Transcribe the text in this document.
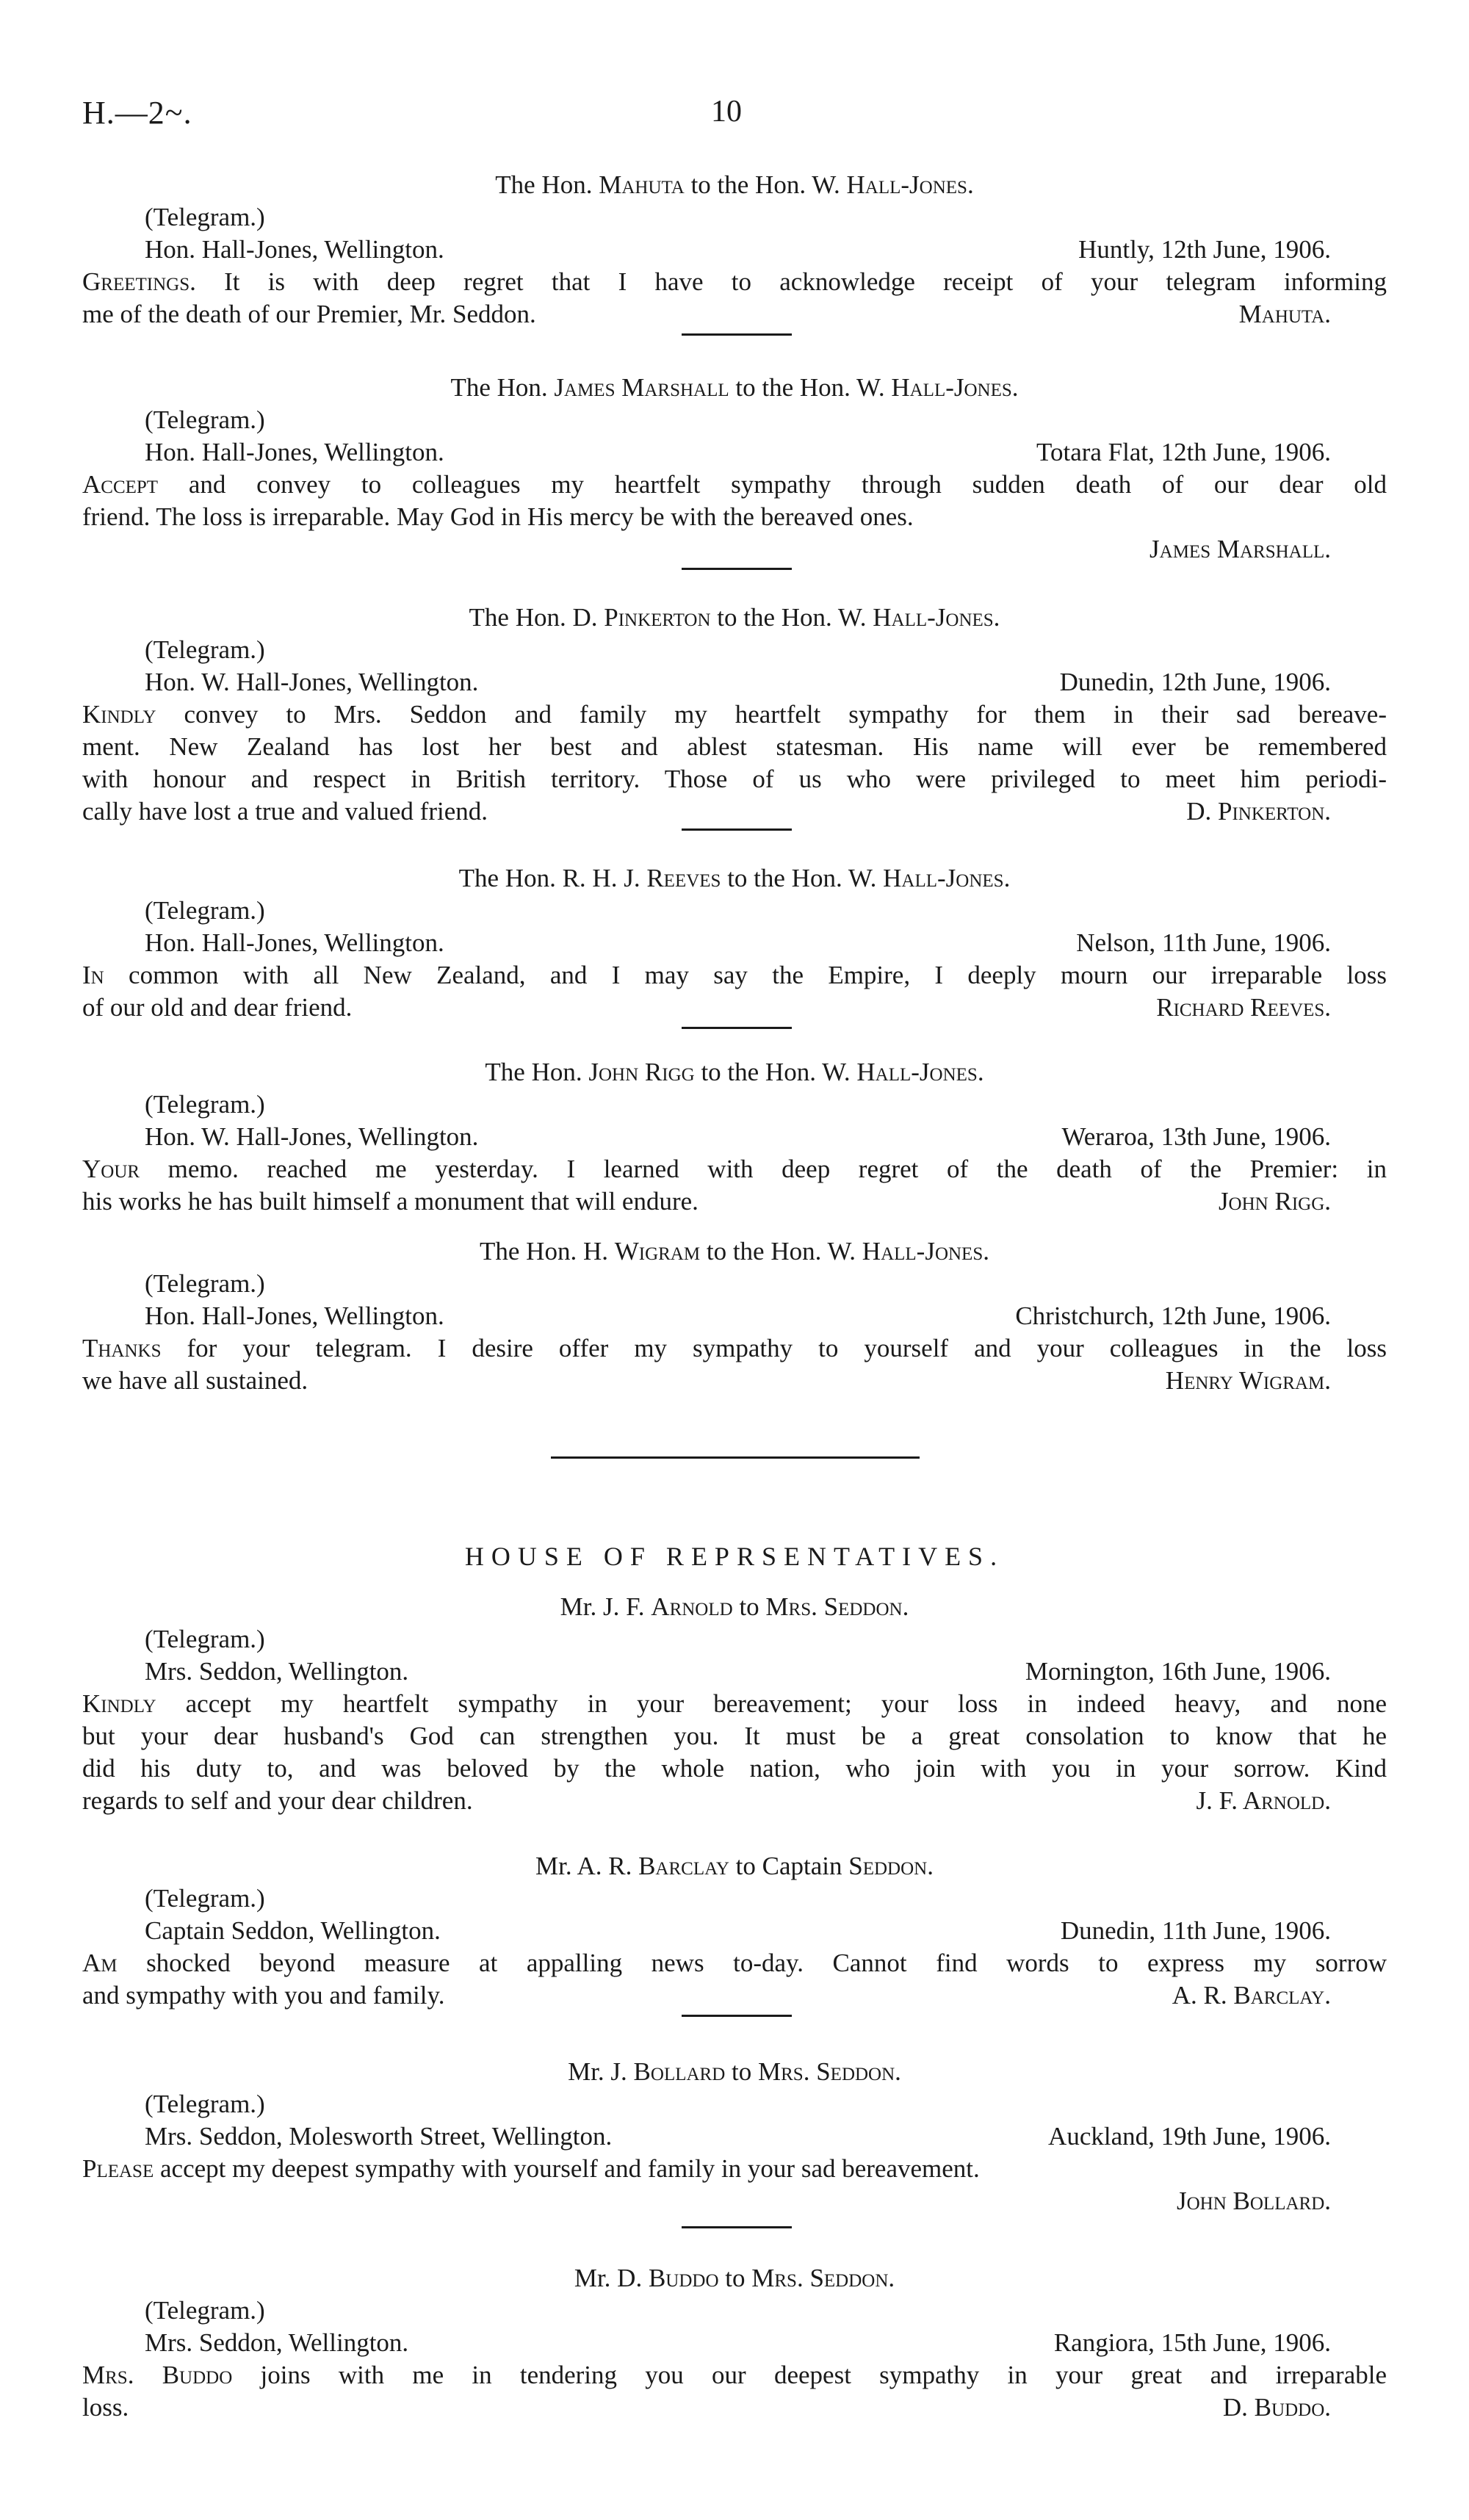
H.—2~.	10
The Hon. Mahuta to the Hon. W. Hall-Jones.
(Telegram.)
Hon. Hall-Jones, Wellington.	Huntly, 12th June, 1906.
Greetings. It is with deep regret that I have to acknowledge receipt of your telegram informing
me of the death of our Premier, Mr. Seddon.	Mahuta.
The Hon. James Marshall to the Hon. W. Hall-Jones.
(Telegram.)
Hon. Hall-Jones, Wellington.	Totara Flat, 12th June, 1906.
Accept and convey to colleagues my heartfelt sympathy through sudden death of our dear old
friend. The loss is irreparable. May God in His mercy be with the bereaved ones.
James Marshall.
The Hon. D. Pinkerton to the Hon. W. Hall-Jones.
(Telegram.)
Hon. W. Hall-Jones, Wellington.	Dunedin, 12th June, 1906.
Kindly convey to Mrs. Seddon and family my heartfelt sympathy for them in their sad bereave-
ment. New Zealand has lost her best and ablest statesman. His name will ever be remembered
with honour and respect in British territory. Those of us who were privileged to meet him periodi-
cally have lost a true and valued friend.	D. Pinkerton.
The Hon. R. H. J. Reeves to the Hon. W. Hall-Jones.
(Telegram.)
Hon. Hall-Jones, Wellington.	Nelson, 11th June, 1906.
In common with all New Zealand, and I may say the Empire, I deeply mourn our irreparable loss
of our old and dear friend.	Richard Reeves.
The Hon. John Rigg to the Hon. W. Hall-Jones.
(Telegram.)
Hon. W. Hall-Jones, Wellington.	Weraroa, 13th June, 1906.
Your memo. reached me yesterday. I learned with deep regret of the death of the Premier: in
his works he has built himself a monument that will endure.	John Rigg.
The Hon. H. Wigram to the Hon. W. Hall-Jones.
(Telegram.)
Hon. Hall-Jones, Wellington.	Christchurch, 12th June, 1906.
Thanks for your telegram. I desire offer my sympathy to yourself and your colleagues in the loss
we have all sustained.	Henry Wigram.
HOUSE OF REPRSENTATIVES.
Mr. J. F. Arnold to Mrs. Seddon.
(Telegram.)
Mrs. Seddon, Wellington.	Mornington, 16th June, 1906.
Kindly accept my heartfelt sympathy in your bereavement; your loss in indeed heavy, and none
but your dear husband's God can strengthen you. It must be a great consolation to know that he
did his duty to, and was beloved by the whole nation, who join with you in your sorrow. Kind
regards to self and your dear children.	J. F. Arnold.
Mr. A. R. Barclay to Captain Seddon.
(Telegram.)
Captain Seddon, Wellington.	Dunedin, 11th June, 1906.
Am shocked beyond measure at appalling news to-day. Cannot find words to express my sorrow
and sympathy with you and family.	A. R. Barclay.
Mr. J. Bollard to Mrs. Seddon.
(Telegram.)
Mrs. Seddon, Molesworth Street, Wellington.	Auckland, 19th June, 1906.
Please accept my deepest sympathy with yourself and family in your sad bereavement.
John Bollard.
Mr. D. Buddo to Mrs. Seddon.
(Telegram.)
Mrs. Seddon, Wellington.	Rangiora, 15th June, 1906.
Mrs. Buddo joins with me in tendering you our deepest sympathy in your great and irreparable
loss.	D. Buddo.
